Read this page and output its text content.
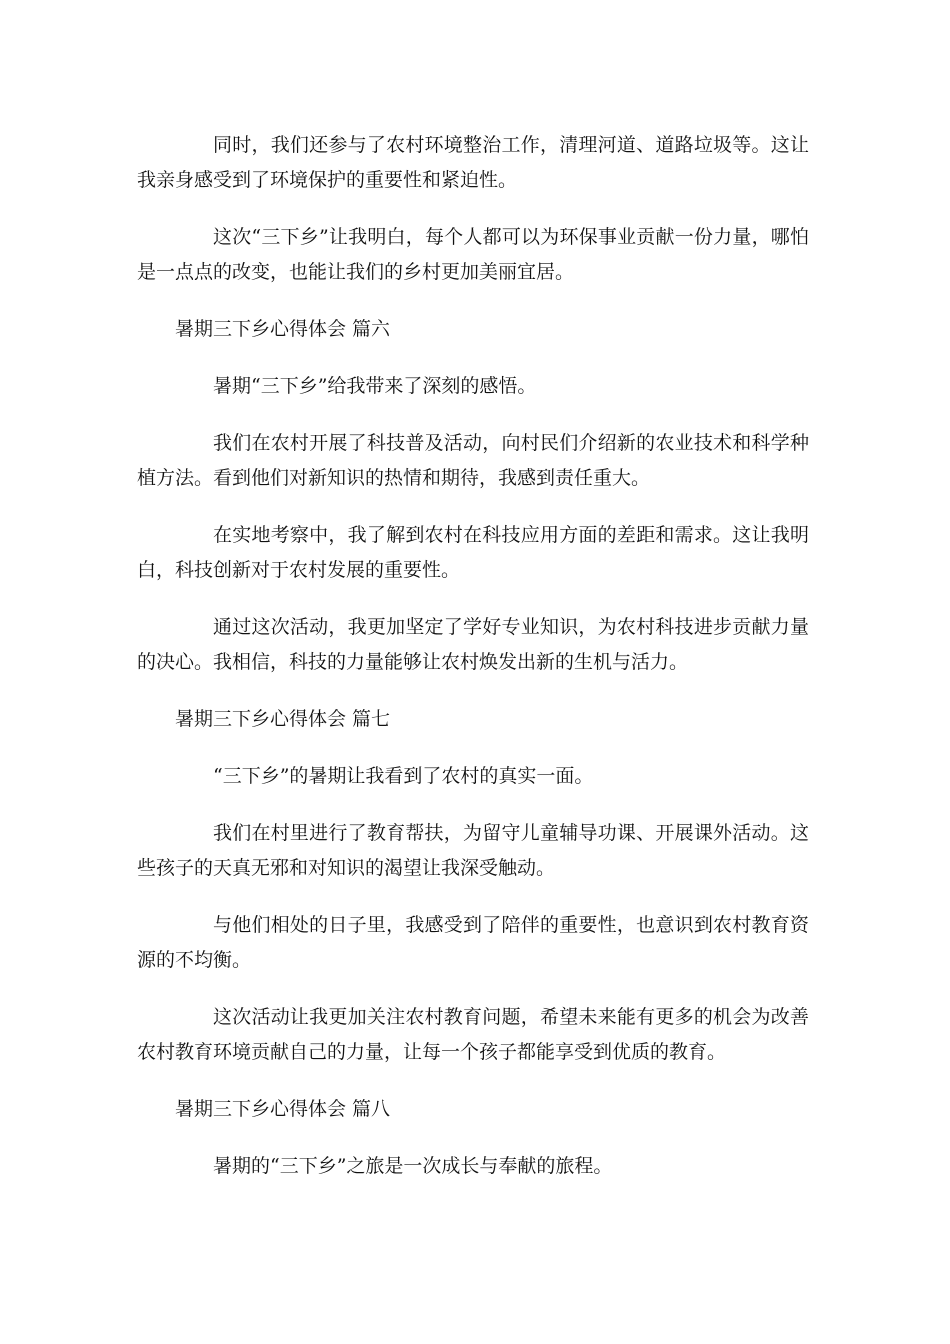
同时，我们还参与了农村环境整治工作，清理河道、道路垃圾等。这让我亲身感受到了环境保护的重要性和紧迫性。

这次“三下乡”让我明白，每个人都可以为环保事业贡献一份力量，哪怕是一点点的改变，也能让我们的乡村更加美丽宜居。

暑期三下乡心得体会 篇六

暑期“三下乡”给我带来了深刻的感悟。

我们在农村开展了科技普及活动，向村民们介绍新的农业技术和科学种植方法。看到他们对新知识的热情和期待，我感到责任重大。

在实地考察中，我了解到农村在科技应用方面的差距和需求。这让我明白，科技创新对于农村发展的重要性。

通过这次活动，我更加坚定了学好专业知识，为农村科技进步贡献力量的决心。我相信，科技的力量能够让农村焕发出新的生机与活力。

暑期三下乡心得体会 篇七

“三下乡”的暑期让我看到了农村的真实一面。

我们在村里进行了教育帮扶，为留守儿童辅导功课、开展课外活动。这些孩子的天真无邪和对知识的渴望让我深受触动。

与他们相处的日子里，我感受到了陪伴的重要性，也意识到农村教育资源的不均衡。

这次活动让我更加关注农村教育问题，希望未来能有更多的机会为改善农村教育环境贡献自己的力量，让每一个孩子都能享受到优质的教育。

暑期三下乡心得体会 篇八

暑期的“三下乡”之旅是一次成长与奉献的旅程。
